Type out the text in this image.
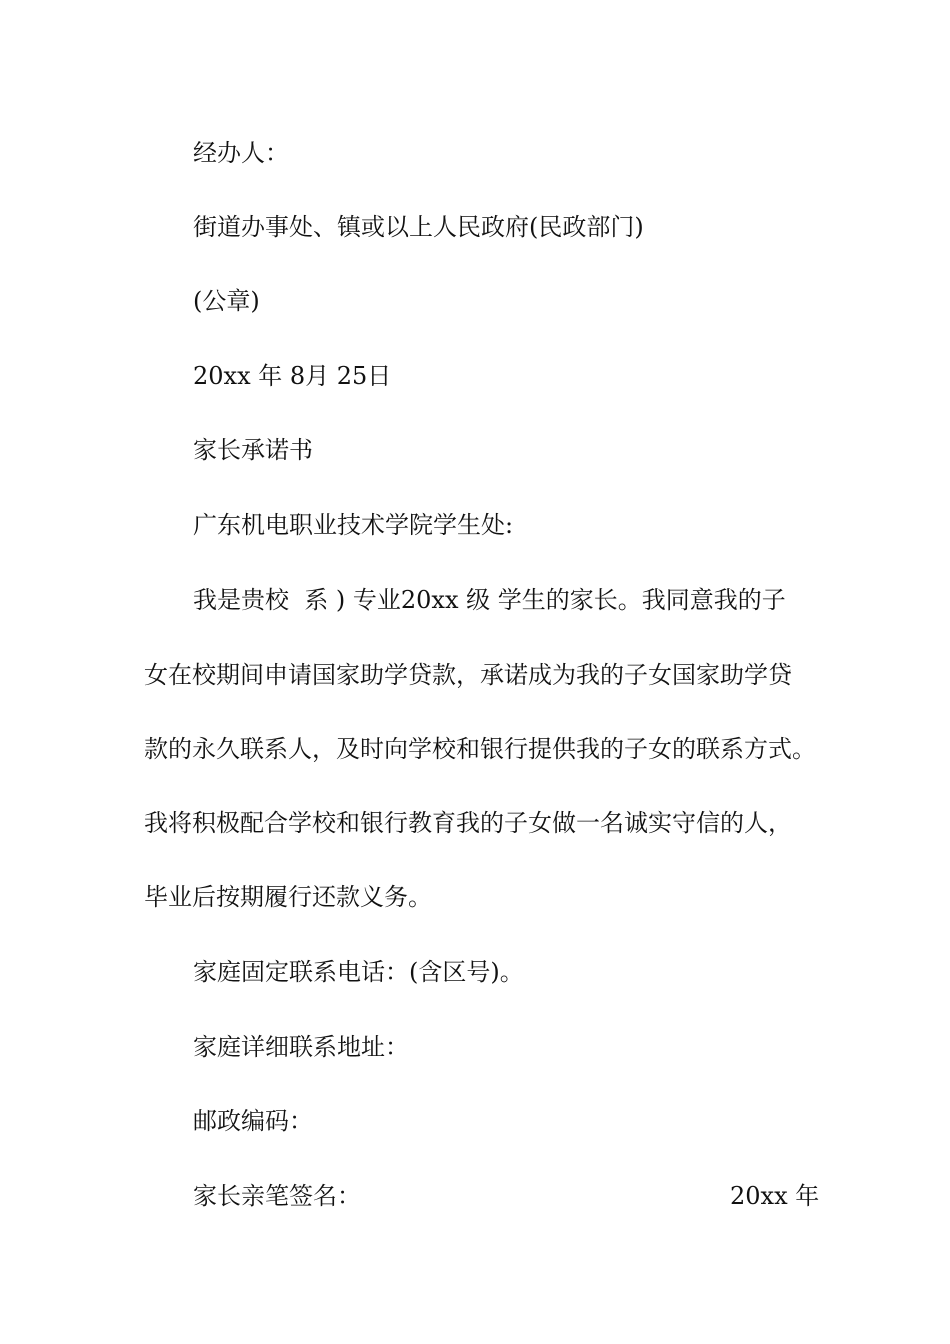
经办人：
街道办事处、镇或以上人民政府(民政部门)
(公章)
20xx 年 8月 25日
家长承诺书
广东机电职业技术学院学生处:
我是贵校  系 ) 专业20xx 级 学生的家长。我同意我的子
女在校期间申请国家助学贷款，承诺成为我的子女国家助学贷
款的永久联系人，及时向学校和银行提供我的子女的联系方式。
我将积极配合学校和银行教育我的子女做一名诚实守信的人，
毕业后按期履行还款义务。
家庭固定联系电话：(含区号)。
家庭详细联系地址：
邮政编码：
家长亲笔签名：	20xx 年
